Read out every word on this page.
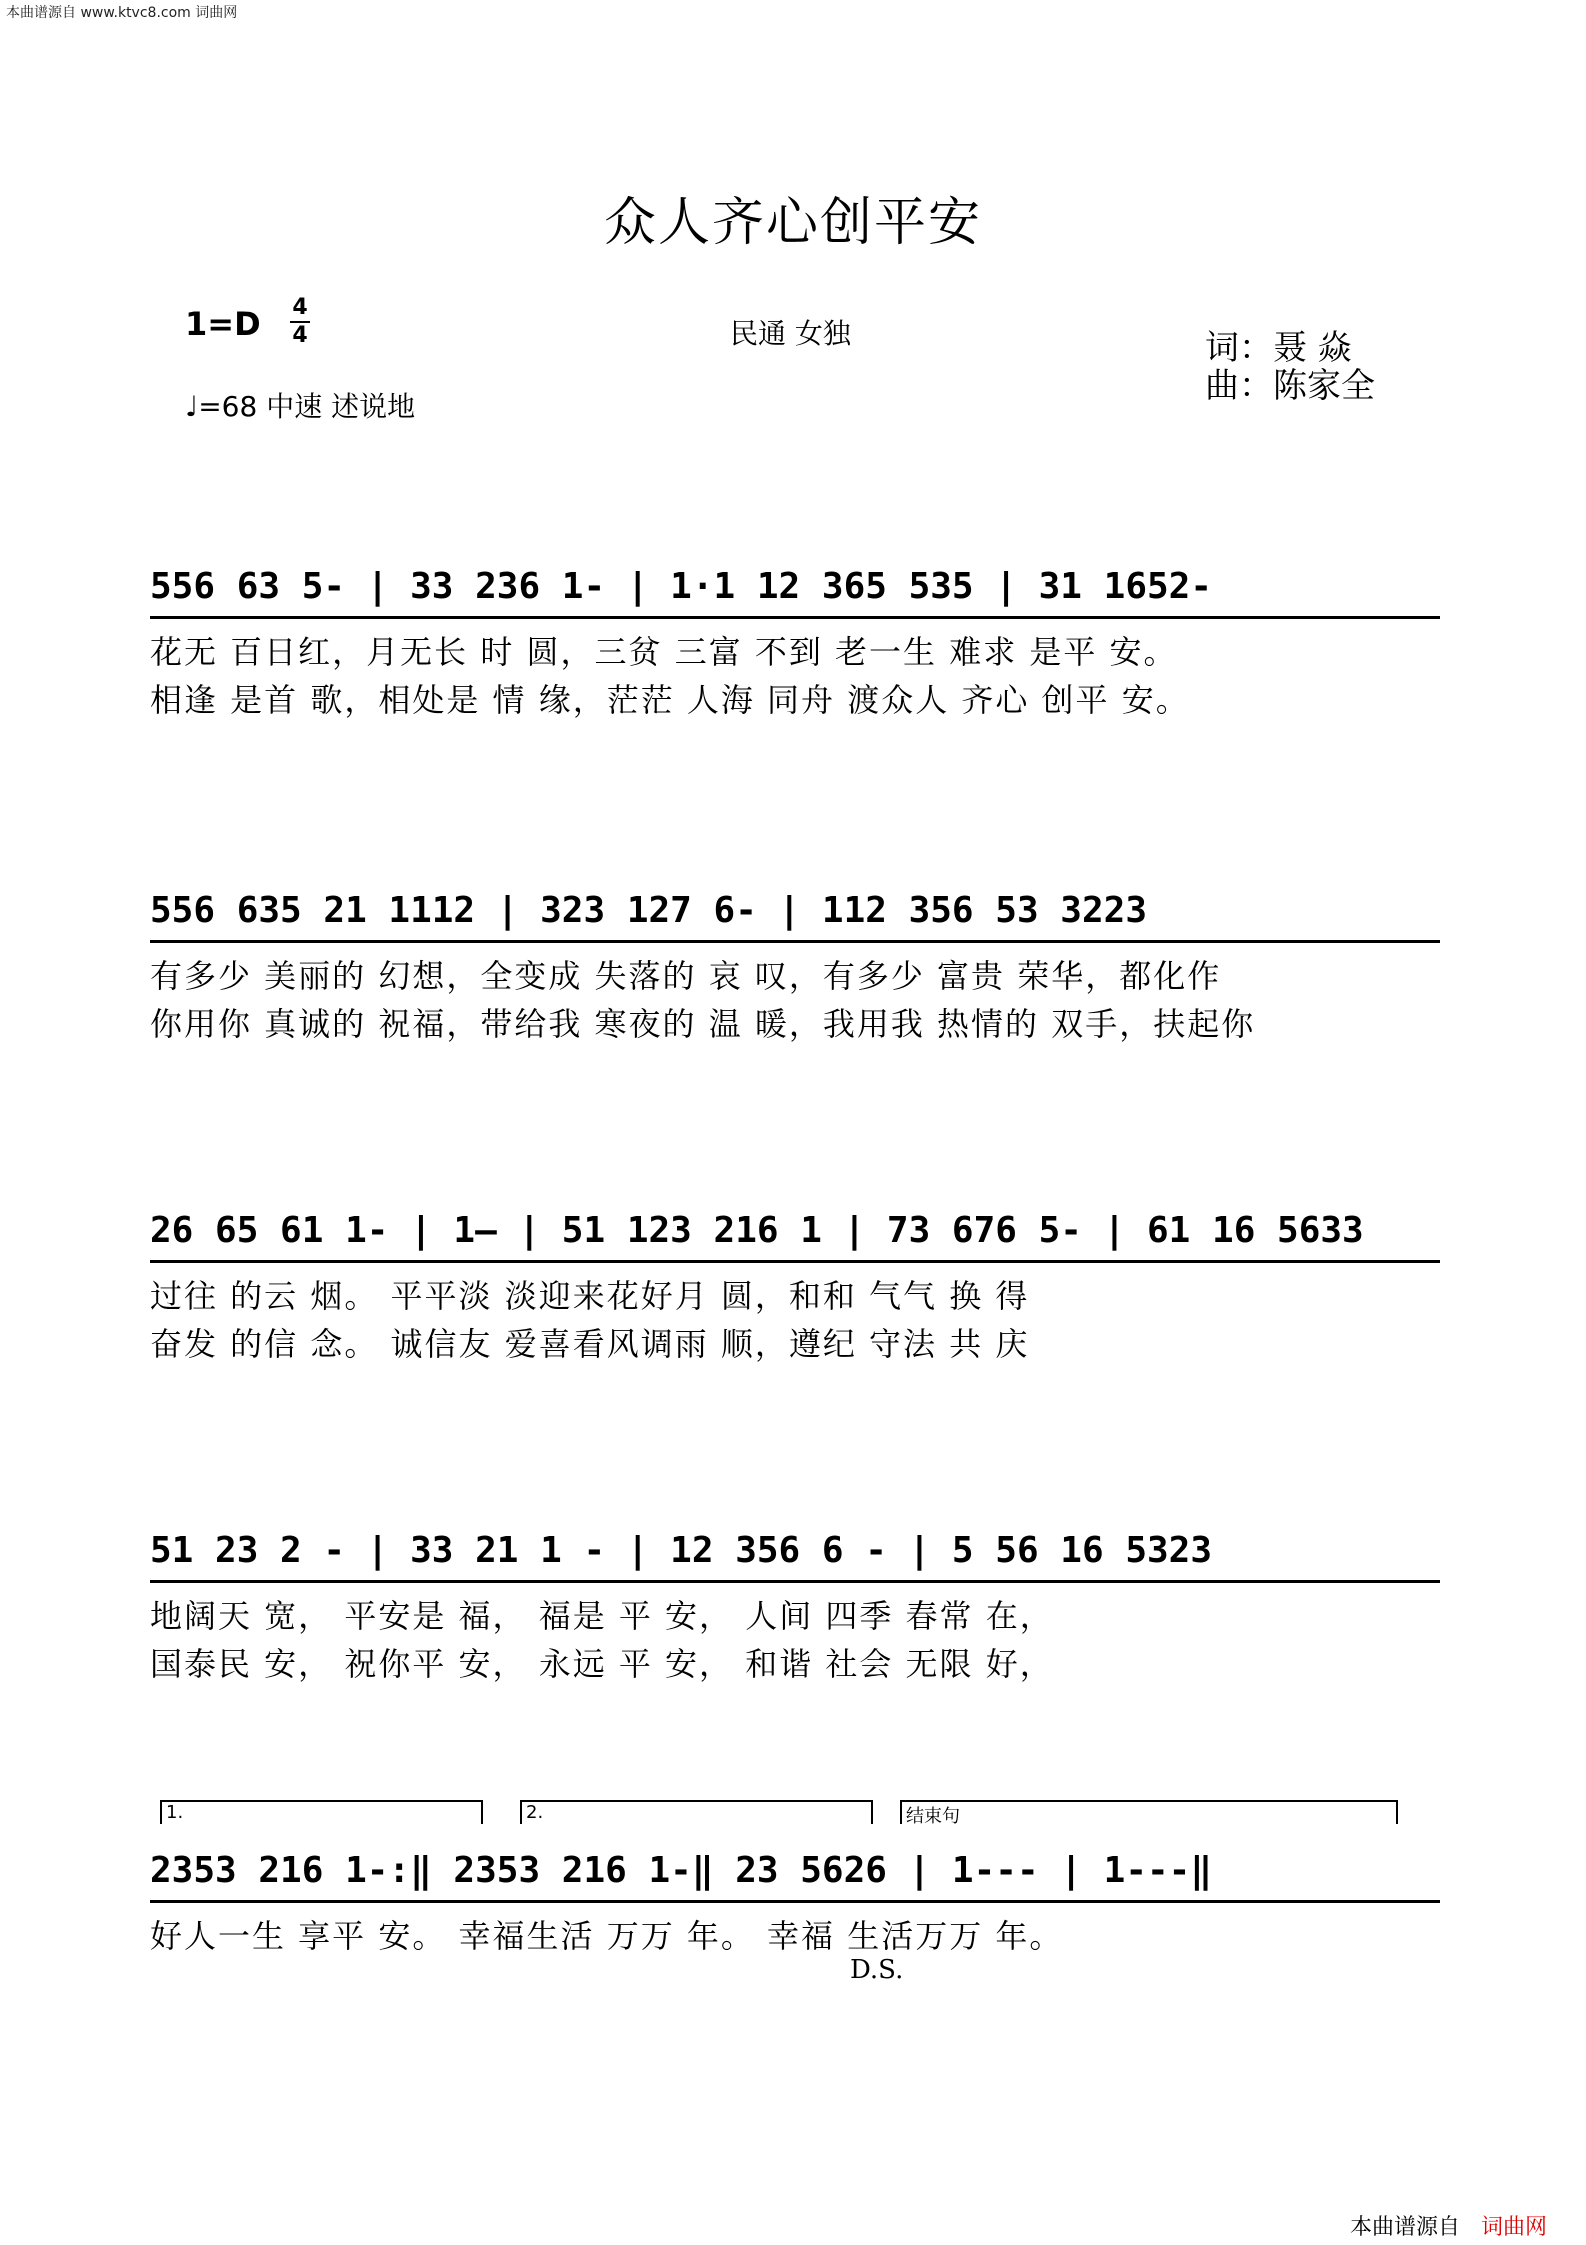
本曲谱源自 www.ktvc8.com 词曲网
众人齐心创平安
1=D 4
4
♩=68 中速 述说地
民通 女独	词：聂 焱
曲：陈家全
556 63 5- | 33 236 1- | 1·1 12 365 535 | 31 1652-
花无 百日红，月无长 时 圆，三贫 三富 不到 老一生 难求 是平 安。
相逢 是首 歌，相处是 情 缘，茫茫 人海 同舟 渡众人 齐心 创平 安。
556 635 21 1112 | 323 127 6- | 112 356 53 3223
有多少 美丽的 幻想，全变成 失落的 哀 叹，有多少 富贵 荣华，都化作
你用你 真诚的 祝福，带给我 寒夜的 温 暖，我用我 热情的 双手，扶起你
26 65 61 1- | 1— | 51 123 216 1 | 73 676 5- | 61 16 5633
过往 的云 烟。 平平淡 淡迎来花好月 圆，和和 气气 换 得
奋发 的信 念。 诚信友 爱喜看风调雨 顺，遵纪 守法 共 庆
51 23 2 - | 33 21 1 - | 12 356 6 - | 5 56 16 5323
地阔天 宽， 平安是 福， 福是 平 安， 人间 四季 春常 在，
国泰民 安， 祝你平 安， 永远 平 安， 和谐 社会 无限 好，
1.	2.	结束句
2353 216 1-:‖ 2353 216 1-‖ 23 5626 | 1--- | 1---‖
好人一生 享平 安。 幸福生活 万万 年。 幸福 生活万万 年。
D.S.
本曲谱源自 词曲网
